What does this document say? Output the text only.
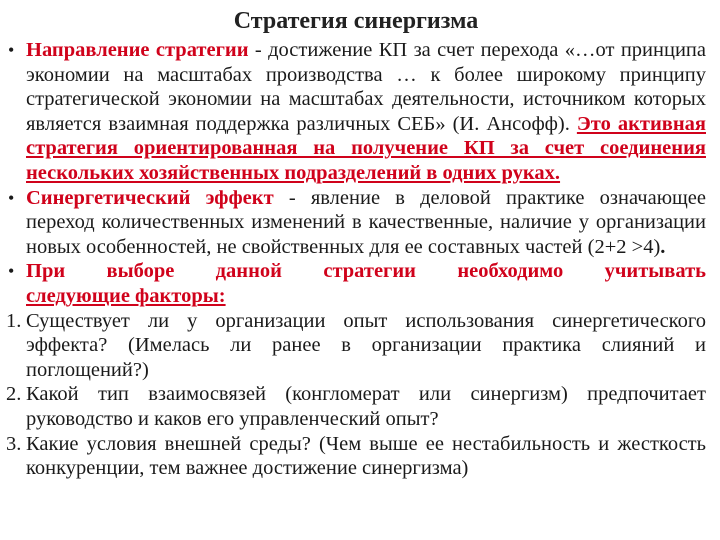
Стратегия синергизма

• Направление стратегии - достижение КП за счет перехода «…от принципа экономии на масштабах производства … к более широкому принципу стратегической экономии на масштабах деятельности, источником которых является взаимная поддержка различных СЕБ» (И. Ансофф). Это активная стратегия ориентированная на получение КП за счет соединения нескольких хозяйственных подразделений в одних руках.

• Синергетический эффект - явление в деловой практике означающее переход количественных изменений в качественные, наличие у организации новых особенностей, не свойственных для ее составных частей (2+2 >4).

• При выборе данной стратегии необходимо учитывать
следующие факторы:

1. Существует ли у организации опыт использования синергетического эффекта? (Имелась ли ранее в организации практика слияний и поглощений?)

2. Какой тип взаимосвязей (конгломерат или синергизм) предпочитает руководство и каков его управленческий опыт?

3. Какие условия внешней среды? (Чем выше ее нестабильность и жесткость конкуренции, тем важнее достижение синергизма)
